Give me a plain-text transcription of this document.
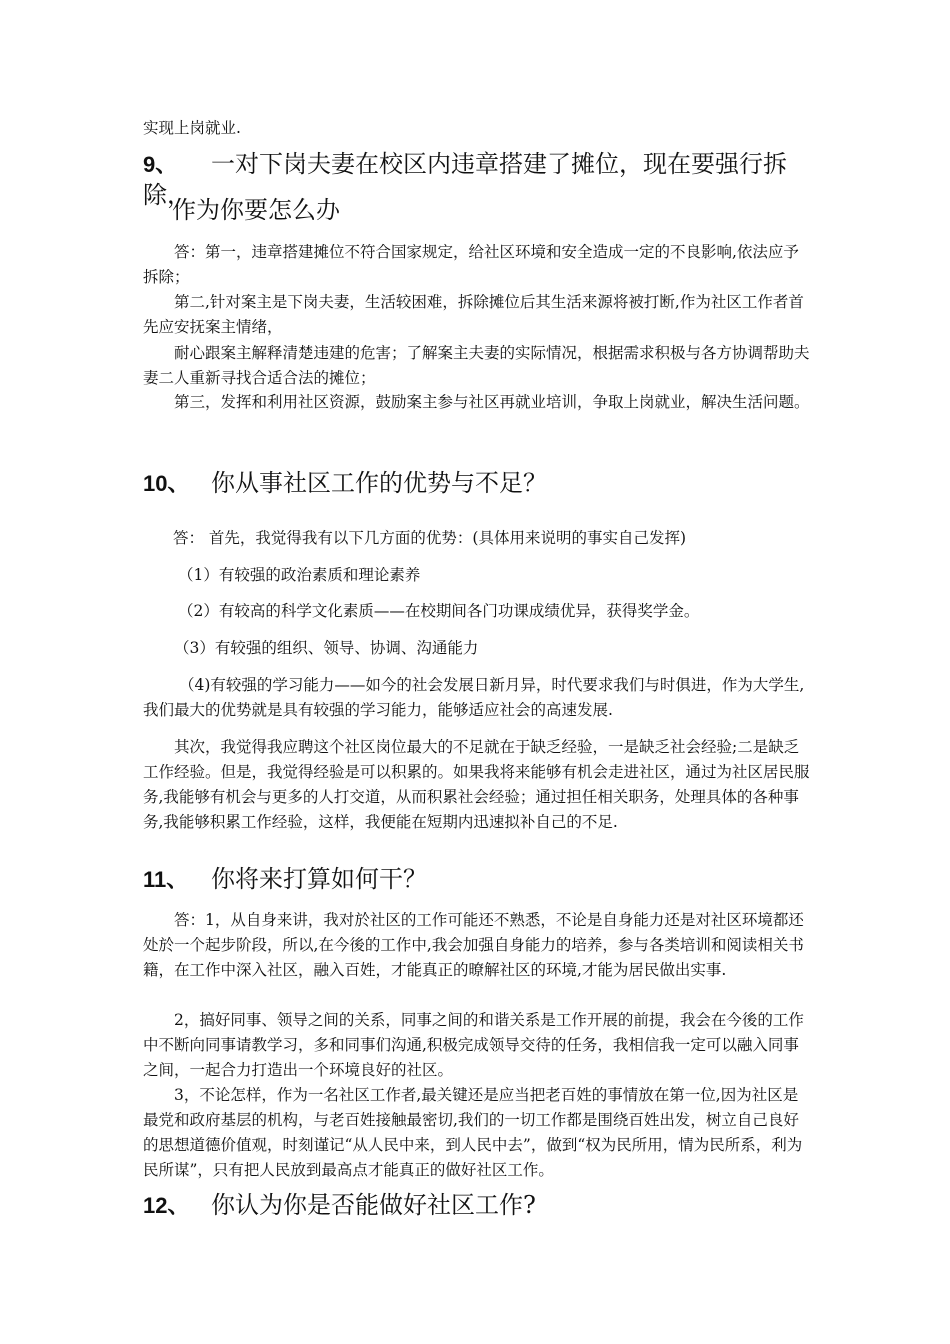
实现上岗就业.

9、 一对下岗夫妻在校区内违章搭建了摊位，现在要强行拆除，

作为你要怎么办

答：第一，违章搭建摊位不符合国家规定，给社区环境和安全造成一定的不良影响,依法应予拆除；

第二,针对案主是下岗夫妻，生活较困难，拆除摊位后其生活来源将被打断,作为社区工作者首先应安抚案主情绪，

耐心跟案主解释清楚违建的危害；了解案主夫妻的实际情况，根据需求积极与各方协调帮助夫妻二人重新寻找合适合法的摊位；

第三，发挥和利用社区资源，鼓励案主参与社区再就业培训，争取上岗就业，解决生活问题。

10、 你从事社区工作的优势与不足？

答： 首先，我觉得我有以下几方面的优势：(具体用来说明的事实自己发挥)

（1）有较强的政治素质和理论素养

（2）有较高的科学文化素质——在校期间各门功课成绩优异，获得奖学金。

（3）有较强的组织、领导、协调、沟通能力

（4)有较强的学习能力——如今的社会发展日新月异，时代要求我们与时俱进，作为大学生,我们最大的优势就是具有较强的学习能力，能够适应社会的高速发展.

其次，我觉得我应聘这个社区岗位最大的不足就在于缺乏经验，一是缺乏社会经验;二是缺乏工作经验。但是，我觉得经验是可以积累的。如果我将来能够有机会走进社区，通过为社区居民服务,我能够有机会与更多的人打交道，从而积累社会经验；通过担任相关职务，处理具体的各种事务,我能够积累工作经验，这样，我便能在短期内迅速拟补自己的不足.

11、 你将来打算如何干？

答：1，从自身来讲，我对於社区的工作可能还不熟悉，不论是自身能力还是对社区环境都还处於一个起步阶段，所以,在今後的工作中,我会加强自身能力的培养，参与各类培训和阅读相关书籍，在工作中深入社区，融入百姓，才能真正的暸解社区的环境,才能为居民做出实事.

2，搞好同事、领导之间的关系，同事之间的和谐关系是工作开展的前提，我会在今後的工作中不断向同事请教学习，多和同事们沟通,积极完成领导交待的任务，我相信我一定可以融入同事之间，一起合力打造出一个环境良好的社区。

3，不论怎样，作为一名社区工作者,最关键还是应当把老百姓的事情放在第一位,因为社区是最党和政府基层的机构，与老百姓接触最密切,我们的一切工作都是围绕百姓出发，树立自己良好的思想道德价值观，时刻谨记“从人民中来，到人民中去”，做到“权为民所用，情为民所系，利为民所谋”，只有把人民放到最高点才能真正的做好社区工作。

12、 你认为你是否能做好社区工作?
